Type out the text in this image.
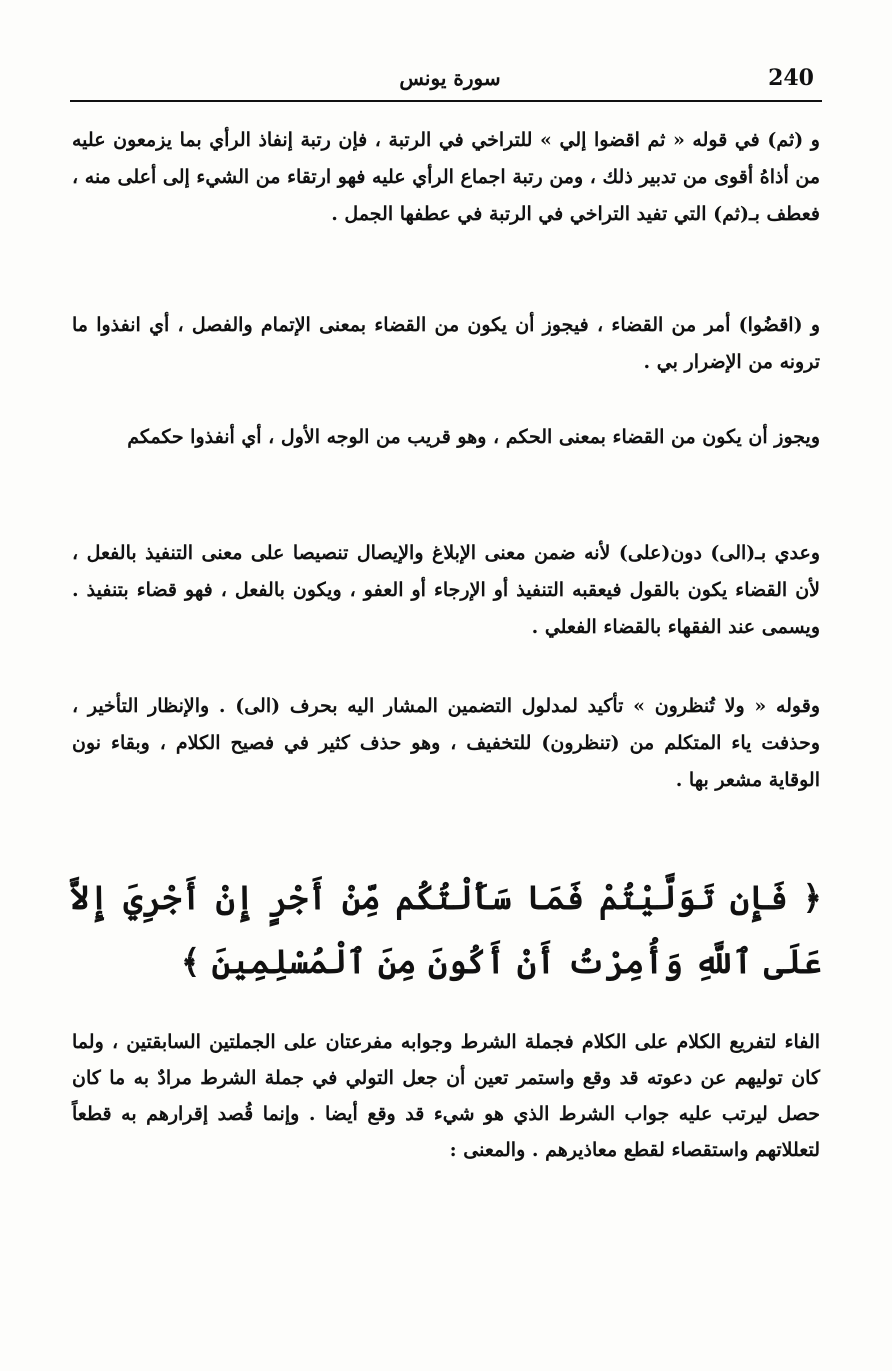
240
سورة يونس
و (ثم) في قوله « ثم اقضوا إلي » للتراخي في الرتبة ، فإن رتبة إنفاذ الرأي بما يزمعون عليه من أذاهُ أقوى من تدبير ذلك ، ومن رتبة اجماع الرأي عليه فهو ارتقاء من الشيء إلى أعلى منه ، فعطف بـ(ثم) التي تفيد التراخي في الرتبة في عطفها الجمل .
و (اقضُوا) أمر من القضاء ، فيجوز أن يكون من القضاء بمعنى الإتمام والفصل ، أي انفذوا ما ترونه من الإضرار بي .
ويجوز أن يكون من القضاء بمعنى الحكم ، وهو قريب من الوجه الأول ، أي أنفذوا حكمكم
وعدي بـ(الى) دون(على) لأنه ضمن معنى الإبلاغ والإيصال تنصيصا على معنى التنفيذ بالفعل ، لأن القضاء يكون بالقول فيعقبه التنفيذ أو الإرجاء أو العفو ، ويكون بالفعل ، فهو قضاء بتنفيذ . ويسمى عند الفقهاء بالقضاء الفعلي .
وقوله « ولا تُنظرون » تأكيد لمدلول التضمين المشار اليه بحرف (الى) . والإنظار التأخير ، وحذفت ياء المتكلم من (تنظرون) للتخفيف ، وهو حذف كثير في فصيح الكلام ، وبقاء نون الوقاية مشعر بها .
﴿ فَإِن تَوَلَّيْتُمْ فَمَا سَأَلْتُكُم مِّنْ أَجْرٍ إِنْ أَجْرِيَ إِلاَّ عَلَى ٱللَّهِ وَأُمِرْتُ أَنْ أَكُونَ مِنَ ٱلْمُسْلِمِينَ ﴾
الفاء لتفريع الكلام على الكلام فجملة الشرط وجوابه مفرعتان على الجملتين السابقتين ، ولما كان توليهم عن دعوته قد وقع واستمر تعين أن جعل التولي في جملة الشرط مرادٌ به ما كان حصل ليرتب عليه جواب الشرط الذي هو شيء قد وقع أيضا . وإنما قُصد إقرارهم به قطعاً لتعللاتهم واستقصاء لقطع معاذيرهم . والمعنى :
